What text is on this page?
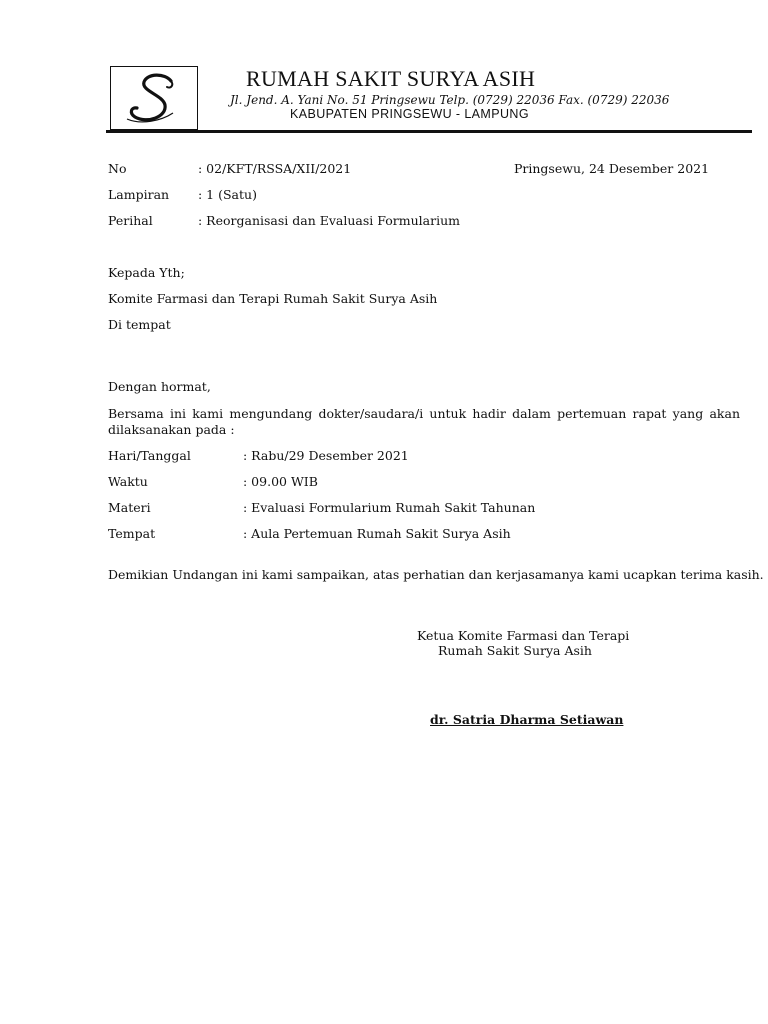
RUMAH SAKIT SURYA ASIH
Jl. Jend. A. Yani No. 51 Pringsewu Telp. (0729) 22036 Fax. (0729) 22036
KABUPATEN PRINGSEWU - LAMPUNG
No	: 02/KFT/RSSA/XII/2021	Pringsewu, 24 Desember 2021
Lampiran : 1 (Satu)
Perihal	: Reorganisasi dan Evaluasi Formularium
Kepada Yth;
Komite Farmasi dan Terapi Rumah Sakit Surya Asih
Di tempat
Dengan hormat,
Bersama ini kami mengundang dokter/saudara/i untuk hadir dalam pertemuan rapat yang akan
dilaksanakan pada :
Hari/Tanggal	: Rabu/29 Desember 2021
Waktu	: 09.00 WIB
Materi	: Evaluasi Formularium Rumah Sakit Tahunan
Tempat	: Aula Pertemuan Rumah Sakit Surya Asih
Demikian Undangan ini kami sampaikan, atas perhatian dan kerjasamanya kami ucapkan terima kasih.
Ketua Komite Farmasi dan Terapi
Rumah Sakit Surya Asih
dr. Satria Dharma Setiawan
